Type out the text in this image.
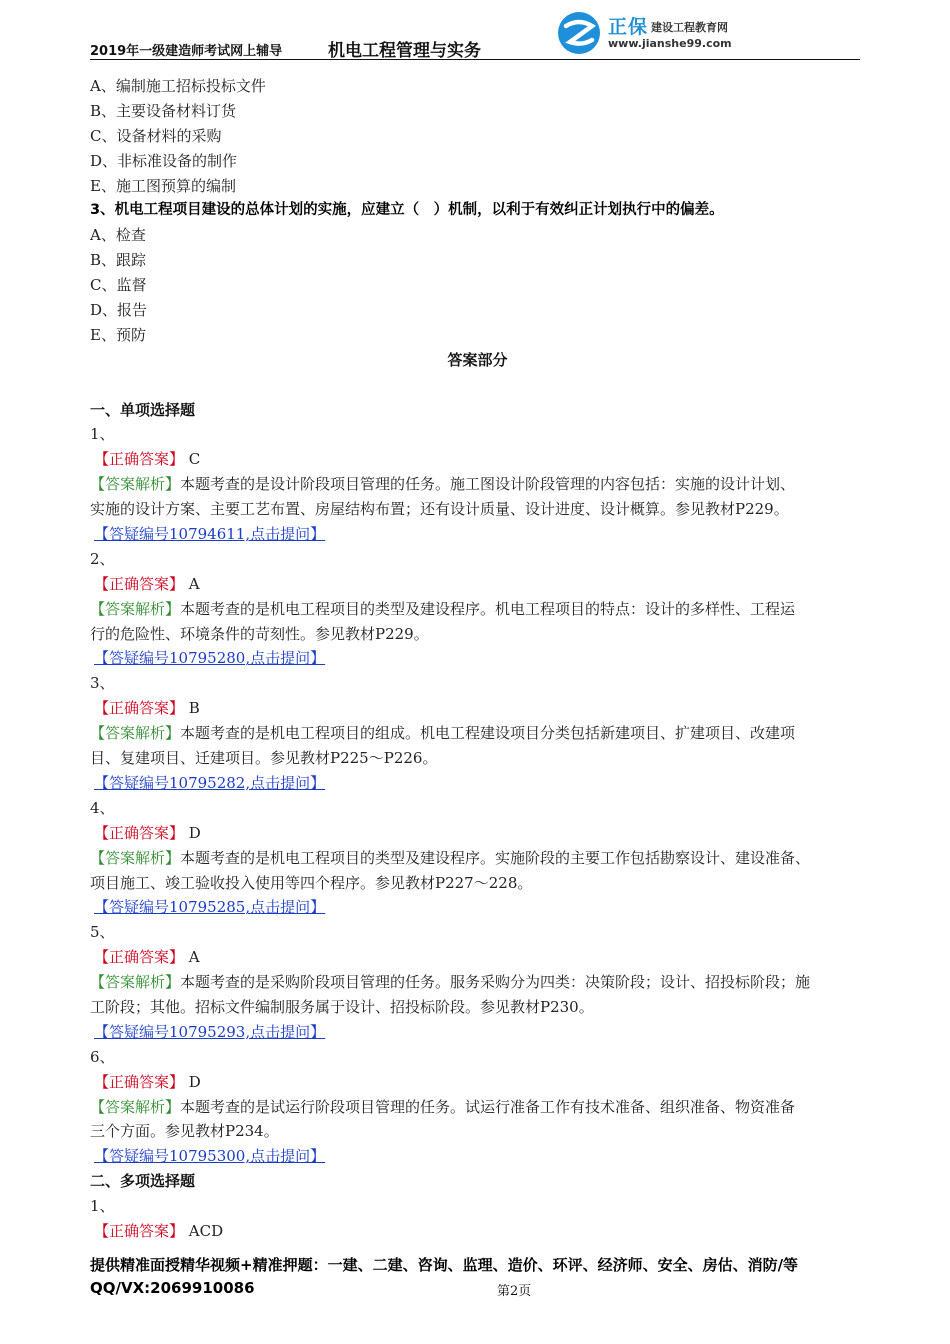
2019年一级建造师考试网上辅导	机电工程管理与实务
正保 建设工程教育网
www.jianshe99.com
A、编制施工招标投标文件
B、主要设备材料订货
C、设备材料的采购
D、非标准设备的制作
E、施工图预算的编制
3、机电工程项目建设的总体计划的实施，应建立（　）机制，以利于有效纠正计划执行中的偏差。
A、检查
B、跟踪
C、监督
D、报告
E、预防
答案部分
一、单项选择题
1、
【正确答案】 C
【答案解析】本题考查的是设计阶段项目管理的任务。施工图设计阶段管理的内容包括：实施的设计计划、
实施的设计方案、主要工艺布置、房屋结构布置；还有设计质量、设计进度、设计概算。参见教材P229。
【答疑编号10794611,点击提问】
2、
【正确答案】 A
【答案解析】本题考查的是机电工程项目的类型及建设程序。机电工程项目的特点：设计的多样性、工程运
行的危险性、环境条件的苛刻性。参见教材P229。
【答疑编号10795280,点击提问】
3、
【正确答案】 B
【答案解析】本题考查的是机电工程项目的组成。机电工程建设项目分类包括新建项目、扩建项目、改建项
目、复建项目、迁建项目。参见教材P225～P226。
【答疑编号10795282,点击提问】
4、
【正确答案】 D
【答案解析】本题考查的是机电工程项目的类型及建设程序。实施阶段的主要工作包括勘察设计、建设准备、
项目施工、竣工验收投入使用等四个程序。参见教材P227～228。
【答疑编号10795285,点击提问】
5、
【正确答案】 A
【答案解析】本题考查的是采购阶段项目管理的任务。服务采购分为四类：决策阶段；设计、招投标阶段；施
工阶段；其他。招标文件编制服务属于设计、招投标阶段。参见教材P230。
【答疑编号10795293,点击提问】
6、
【正确答案】 D
【答案解析】本题考查的是试运行阶段项目管理的任务。试运行准备工作有技术准备、组织准备、物资准备
三个方面。参见教材P234。
【答疑编号10795300,点击提问】
二、多项选择题
1、
【正确答案】 ACD
提供精准面授精华视频+精准押题：一建、二建、咨询、监理、造价、环评、经济师、安全、房估、消防/等
QQ/VX:2069910086	第2页
